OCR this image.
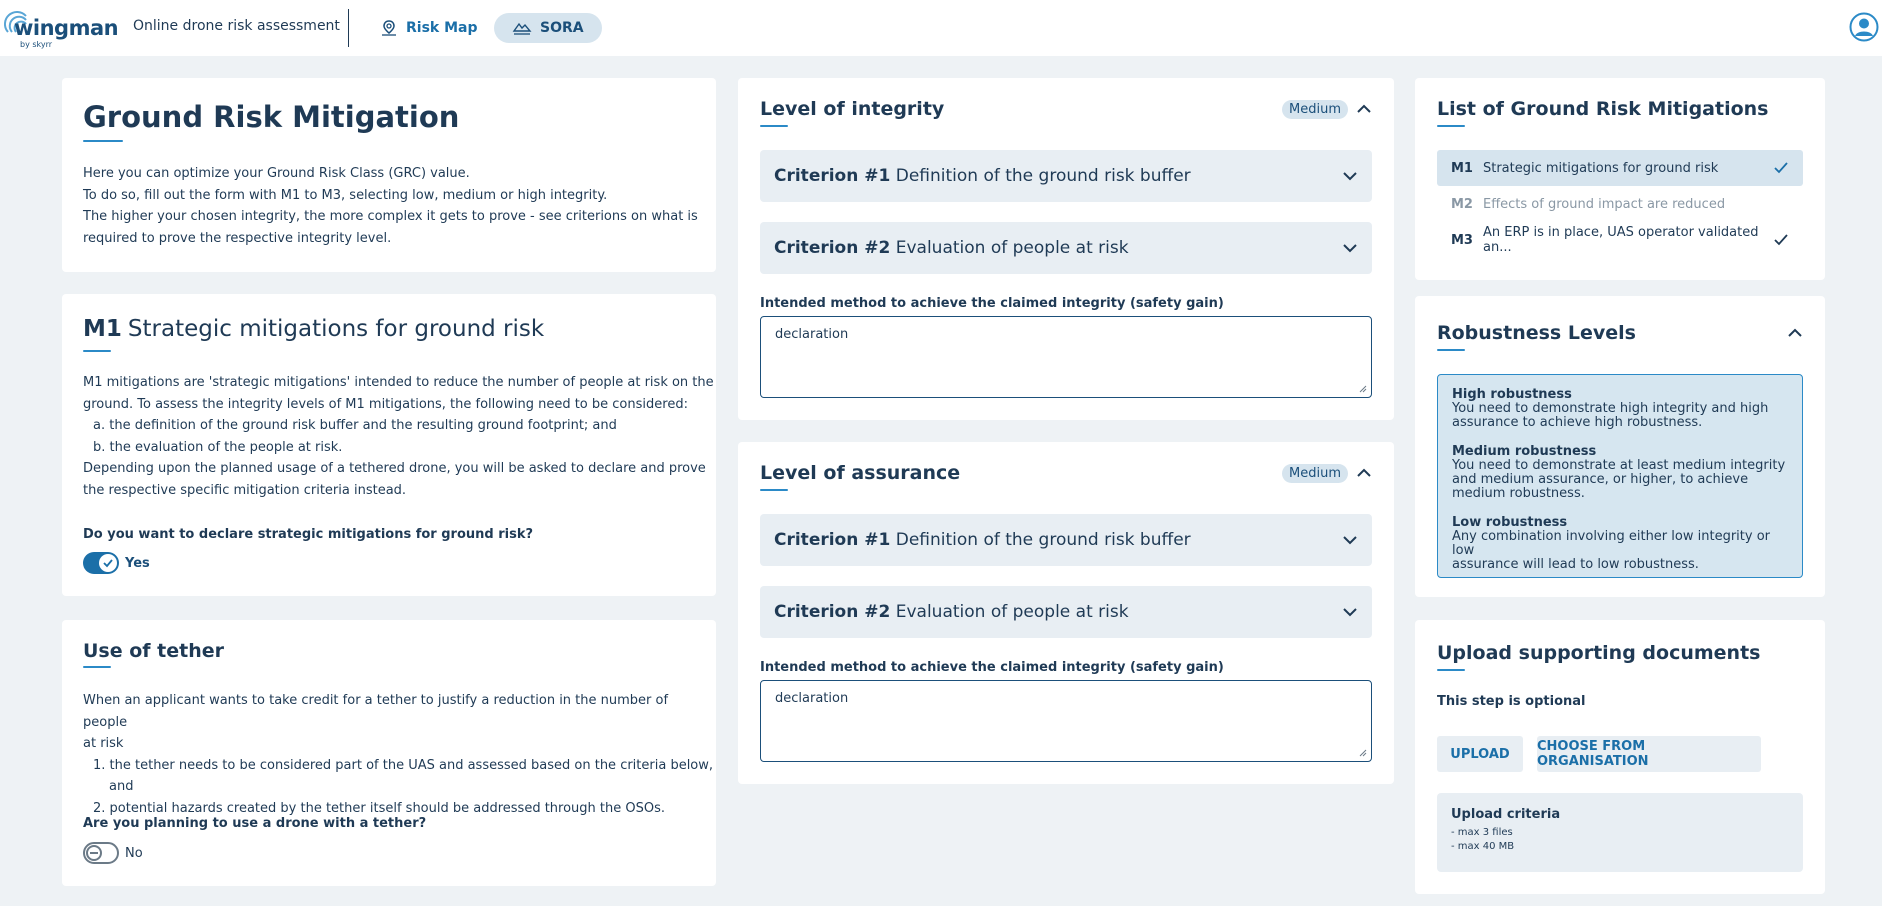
wingman
by skyrr
Online drone risk assessment	Risk Map	SORA
Ground Risk Mitigation
Here you can optimize your Ground Risk Class (GRC) value.
To do so, fill out the form with M1 to M3, selecting low, medium or high integrity.
The higher your chosen integrity, the more complex it gets to prove - see criterions on what is
required to prove the respective integrity level.
M1 Strategic mitigations for ground risk
M1 mitigations are 'strategic mitigations' intended to reduce the number of people at risk on the
ground. To assess the integrity levels of M1 mitigations, the following need to be considered:
a. the definition of the ground risk buffer and the resulting ground footprint; and
b. the evaluation of the people at risk.
Depending upon the planned usage of a tethered drone, you will be asked to declare and prove
the respective specific mitigation criteria instead.
Do you want to declare strategic mitigations for ground risk?
Yes
Use of tether
When an applicant wants to take credit for a tether to justify a reduction in the number of people
at risk
1. the tether needs to be considered part of the UAS and assessed based on the criteria below,
and
2. potential hazards created by the tether itself should be addressed through the OSOs.
Are you planning to use a drone with a tether?
No
Level of integrity	Medium
Criterion #1 Definition of the ground risk buffer
Criterion #2 Evaluation of people at risk
Intended method to achieve the claimed integrity (safety gain)
declaration
Level of assurance	Medium
Criterion #1 Definition of the ground risk buffer
Criterion #2 Evaluation of people at risk
Intended method to achieve the claimed integrity (safety gain)
declaration
List of Ground Risk Mitigations
M1 Strategic mitigations for ground risk
M2 Effects of ground impact are reduced
M3 An ERP is in place, UAS operator validated an...
Robustness Levels
High robustness
You need to demonstrate high integrity and high
assurance to achieve high robustness.
Medium robustness
You need to demonstrate at least medium integrity
and medium assurance, or higher, to achieve
medium robustness.
Low robustness
Any combination involving either low integrity or low
assurance will lead to low robustness.
Upload supporting documents
This step is optional
UPLOAD	CHOOSE FROM ORGANISATION
Upload criteria
- max 3 files
- max 40 MB
